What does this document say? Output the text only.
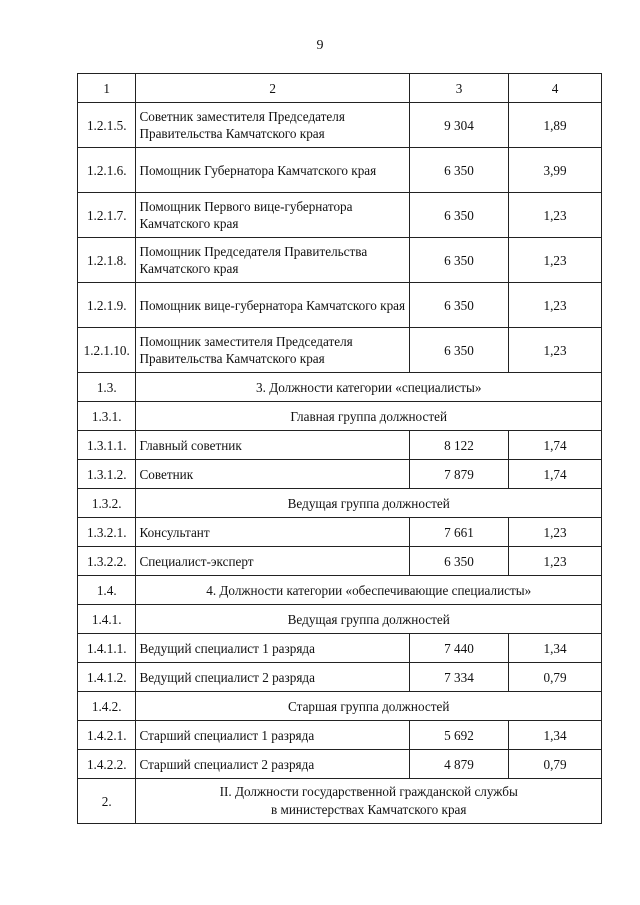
9
1	2	3	4
1.2.1.5.	Советник заместителя Председателя Правительства Камчатского края	9 304	1,89
1.2.1.6.	Помощник Губернатора Камчатского края	6 350	3,99
1.2.1.7.	Помощник Первого вице-губернатора Камчатского края	6 350	1,23
1.2.1.8.	Помощник Председателя Правительства Камчатского края	6 350	1,23
1.2.1.9.	Помощник вице-губернатора Камчатского края	6 350	1,23
1.2.1.10.	Помощник заместителя Председателя Правительства Камчатского края	6 350	1,23
1.3.	3. Должности категории «специалисты»		
1.3.1.	Главная группа должностей		
1.3.1.1.	Главный советник	8 122	1,74
1.3.1.2.	Советник	7 879	1,74
1.3.2.	Ведущая группа должностей		
1.3.2.1.	Консультант	7 661	1,23
1.3.2.2.	Специалист-эксперт	6 350	1,23
1.4.	4. Должности категории «обеспечивающие специалисты»		
1.4.1.	Ведущая группа должностей		
1.4.1.1.	Ведущий специалист 1 разряда	7 440	1,34
1.4.1.2.	Ведущий специалист 2 разряда	7 334	0,79
1.4.2.	Старшая группа должностей		
1.4.2.1.	Старший специалист 1 разряда	5 692	1,34
1.4.2.2.	Старший специалист 2 разряда	4 879	0,79
2.	II. Должности государственной гражданской службы
в министерствах Камчатского края		
